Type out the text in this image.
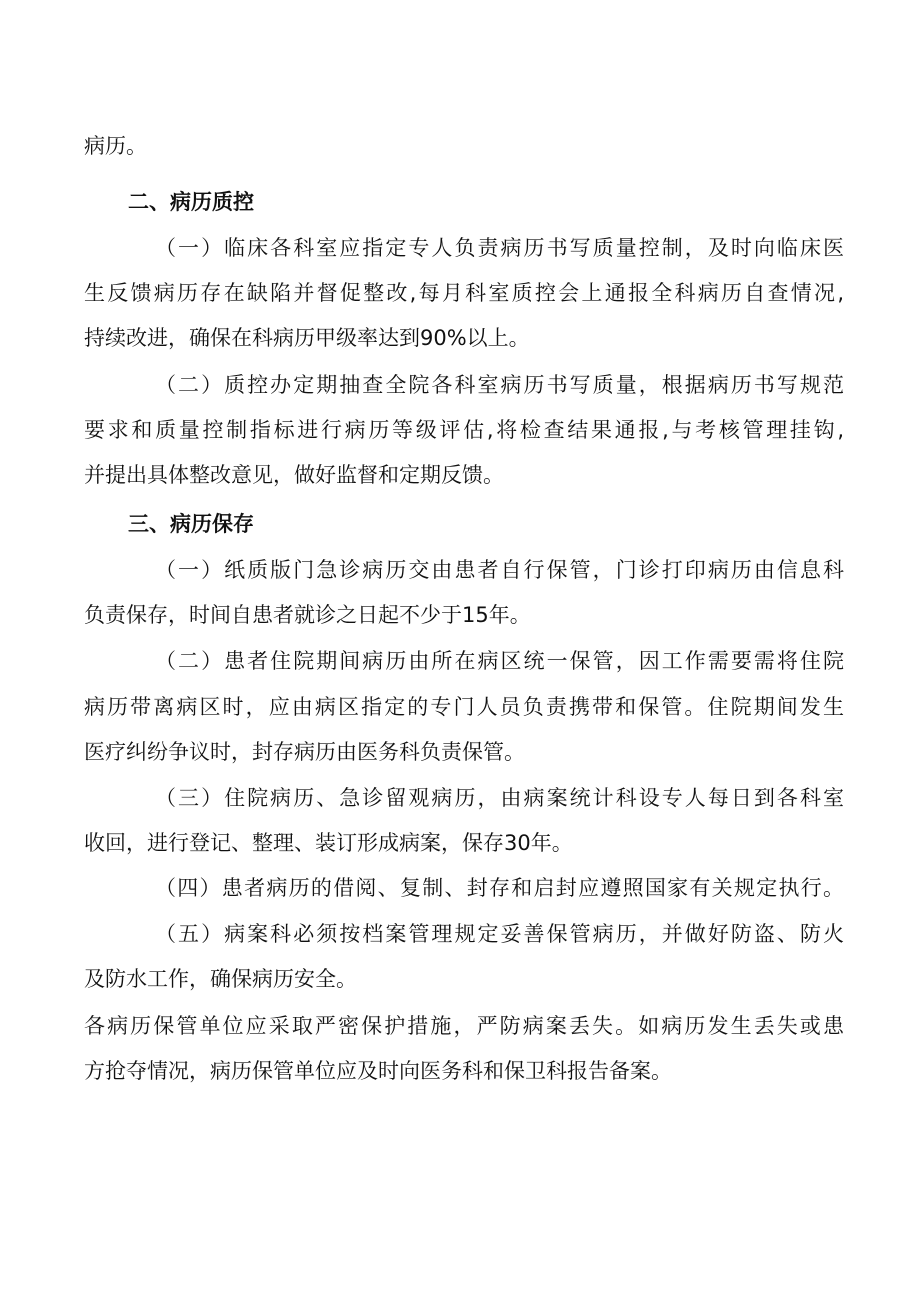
病历。
二、病历质控
（一）临床各科室应指定专人负责病历书写质量控制，及时向临床医
生反馈病历存在缺陷并督促整改,每月科室质控会上通报全科病历自查情况,
持续改进，确保在科病历甲级率达到90%以上。
（二）质控办定期抽查全院各科室病历书写质量，根据病历书写规范
要求和质量控制指标进行病历等级评估,将检查结果通报,与考核管理挂钩,
并提出具体整改意见，做好监督和定期反馈。
三、病历保存
（一）纸质版门急诊病历交由患者自行保管，门诊打印病历由信息科
负责保存，时间自患者就诊之日起不少于15年。
（二）患者住院期间病历由所在病区统一保管，因工作需要需将住院
病历带离病区时，应由病区指定的专门人员负责携带和保管。住院期间发生
医疗纠纷争议时，封存病历由医务科负责保管。
（三）住院病历、急诊留观病历，由病案统计科设专人每日到各科室
收回，进行登记、整理、装订形成病案，保存30年。
（四）患者病历的借阅、复制、封存和启封应遵照国家有关规定执行。
（五）病案科必须按档案管理规定妥善保管病历，并做好防盗、防火
及防水工作，确保病历安全。
各病历保管单位应采取严密保护措施，严防病案丢失。如病历发生丢失或患
方抢夺情况，病历保管单位应及时向医务科和保卫科报告备案。
